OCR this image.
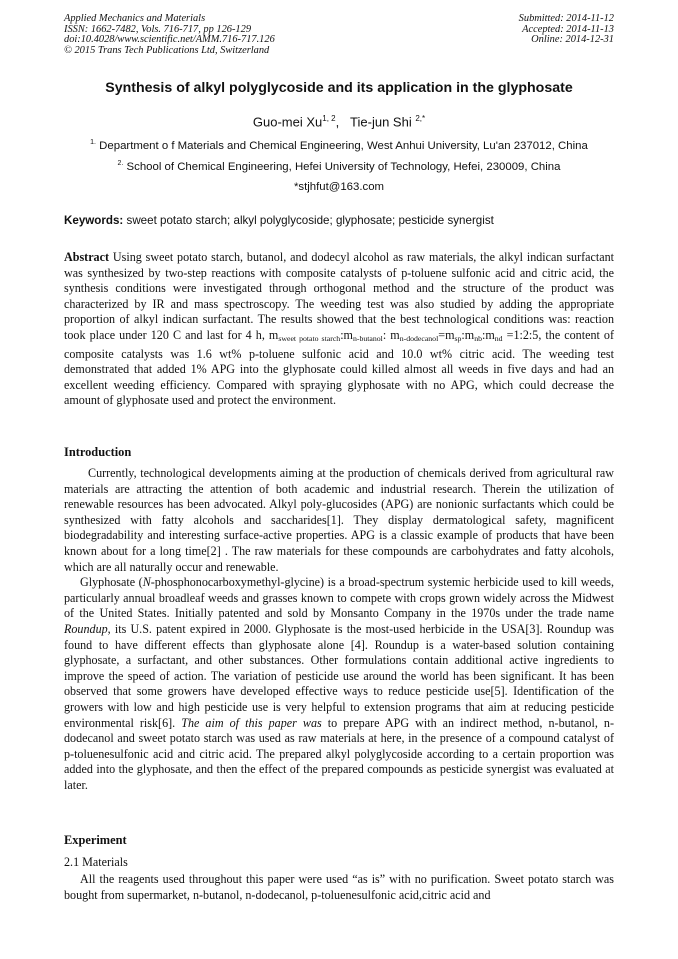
Applied Mechanics and Materials
ISSN: 1662-7482, Vols. 716-717, pp 126-129
doi:10.4028/www.scientific.net/AMM.716-717.126
© 2015 Trans Tech Publications Ltd, Switzerland
Submitted: 2014-11-12
Accepted: 2014-11-13
Online: 2014-12-31
Synthesis of alkyl polyglycoside and its application in the glyphosate
Guo-mei Xu$^{1, 2}$,   Tie-jun Shi $^{2,*}$
$^{1.}$ Department o f Materials and Chemical Engineering, West Anhui University, Lu'an 237012, China
$^{2.}$ School of Chemical Engineering, Hefei University of Technology, Hefei, 230009, China
*stjhfut@163.com
Keywords: sweet potato starch; alkyl polyglycoside; glyphosate; pesticide synergist
Abstract Using sweet potato starch, butanol, and dodecyl alcohol as raw materials, the alkyl indican surfactant was synthesized by two-step reactions with composite catalysts of p-toluene sulfonic acid and citric acid, the synthesis conditions were investigated through orthogonal method and the structure of the product was characterized by IR and mass spectroscopy. The weeding test was also studied by adding the appropriate proportion of alkyl indican surfactant. The results showed that the best technological conditions was: reaction took place under 120 C and last for 4 h, $m_{sweet potato starch}:m_{n-butanol}$: $m_{n-dodecanol}=m_{sp}:m_{nb}:m_{nd}$ =1:2:5, the content of composite catalysts was 1.6 wt% p-toluene sulfonic acid and 10.0 wt% citric acid. The weeding test demonstrated that added 1% APG into the glyphosate could killed almost all weeds in five days and had an excellent weeding efficiency. Compared with spraying glyphosate with no APG, which could decrease the amount of glyphosate used and protect the environment.
Introduction

Currently, technological developments aiming at the production of chemicals derived from agricultural raw materials are attracting the attention of both academic and industrial research. Therein the utilization of renewable resources has been advocated. Alkyl poly-glucosides (APG) are nonionic surfactants which could be synthesized with fatty alcohols and saccharides[1]. They display dermatological safety, magnificent biodegradability and interesting surface-active properties. APG is a classic example of products that have been known about for a long time[2] . The raw materials for these compounds are carbohydrates and fatty alcohols, which are all naturally occur and renewable.

Glyphosate (N-phosphonocarboxymethyl-glycine) is a broad-spectrum systemic herbicide used to kill weeds, particularly annual broadleaf weeds and grasses known to compete with crops grown widely across the Midwest of the United States. Initially patented and sold by Monsanto Company in the 1970s under the trade name Roundup, its U.S. patent expired in 2000. Glyphosate is the most-used herbicide in the USA[3]. Roundup was found to have different effects than glyphosate alone [4]. Roundup is a water-based solution containing glyphosate, a surfactant, and other substances. Other formulations contain additional active ingredients to improve the speed of action. The variation of pesticide use around the world has been significant. It has been observed that some growers have developed effective ways to reduce pesticide use[5]. Identification of the growers with low and high pesticide use is very helpful to extension programs that aim at reducing pesticide environmental risk[6]. The aim of this paper was to prepare APG with an indirect method, n-butanol, n-dodecanol and sweet potato starch was used as raw materials at here, in the presence of a compound catalyst of p-toluenesulfonic acid and citric acid. The prepared alkyl polyglycoside according to a certain proportion was added into the glyphosate, and then the effect of the prepared compounds as pesticide synergist was evaluated at later.

Experiment
2.1 Materials

All the reagents used throughout this paper were used “as is” with no purification. Sweet potato starch was bought from supermarket, n-butanol, n-dodecanol, p-toluenesulfonic acid,citric acid and
